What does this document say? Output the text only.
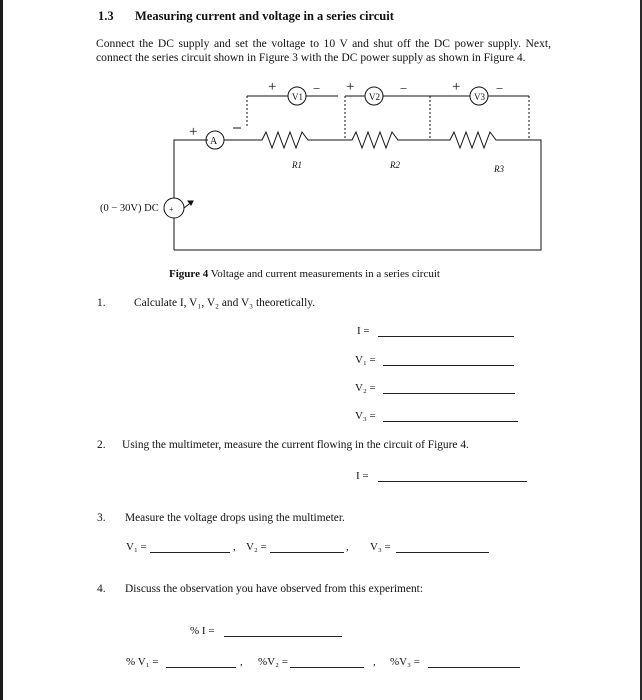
1.3 Measuring current and voltage in a series circuit
Connect the DC supply and set the voltage to 10 V and shut off the DC power supply. Next, connect the series circuit shown in Figure 3 with the DC power supply as shown in Figure 4.
+
A
+
V1
− +
V2
−	+
V3
−
R1	R2	R3
(0 − 30V) DC +
Figure 4 Voltage and current measurements in a series circuit
1. Calculate I, V₁, V₂ and V₃ theoretically.
I =
V₁ =
V₂ =
V₃ =
2. Using the multimeter, measure the current flowing in the circuit of Figure 4.
I =
3. Measure the voltage drops using the multimeter.
V₁ =	, V₂ =	, V₃ =
4. Discuss the observation you have observed from this experiment:
% I =
% V₁ =	, %V₂ =	, %V₃ =
